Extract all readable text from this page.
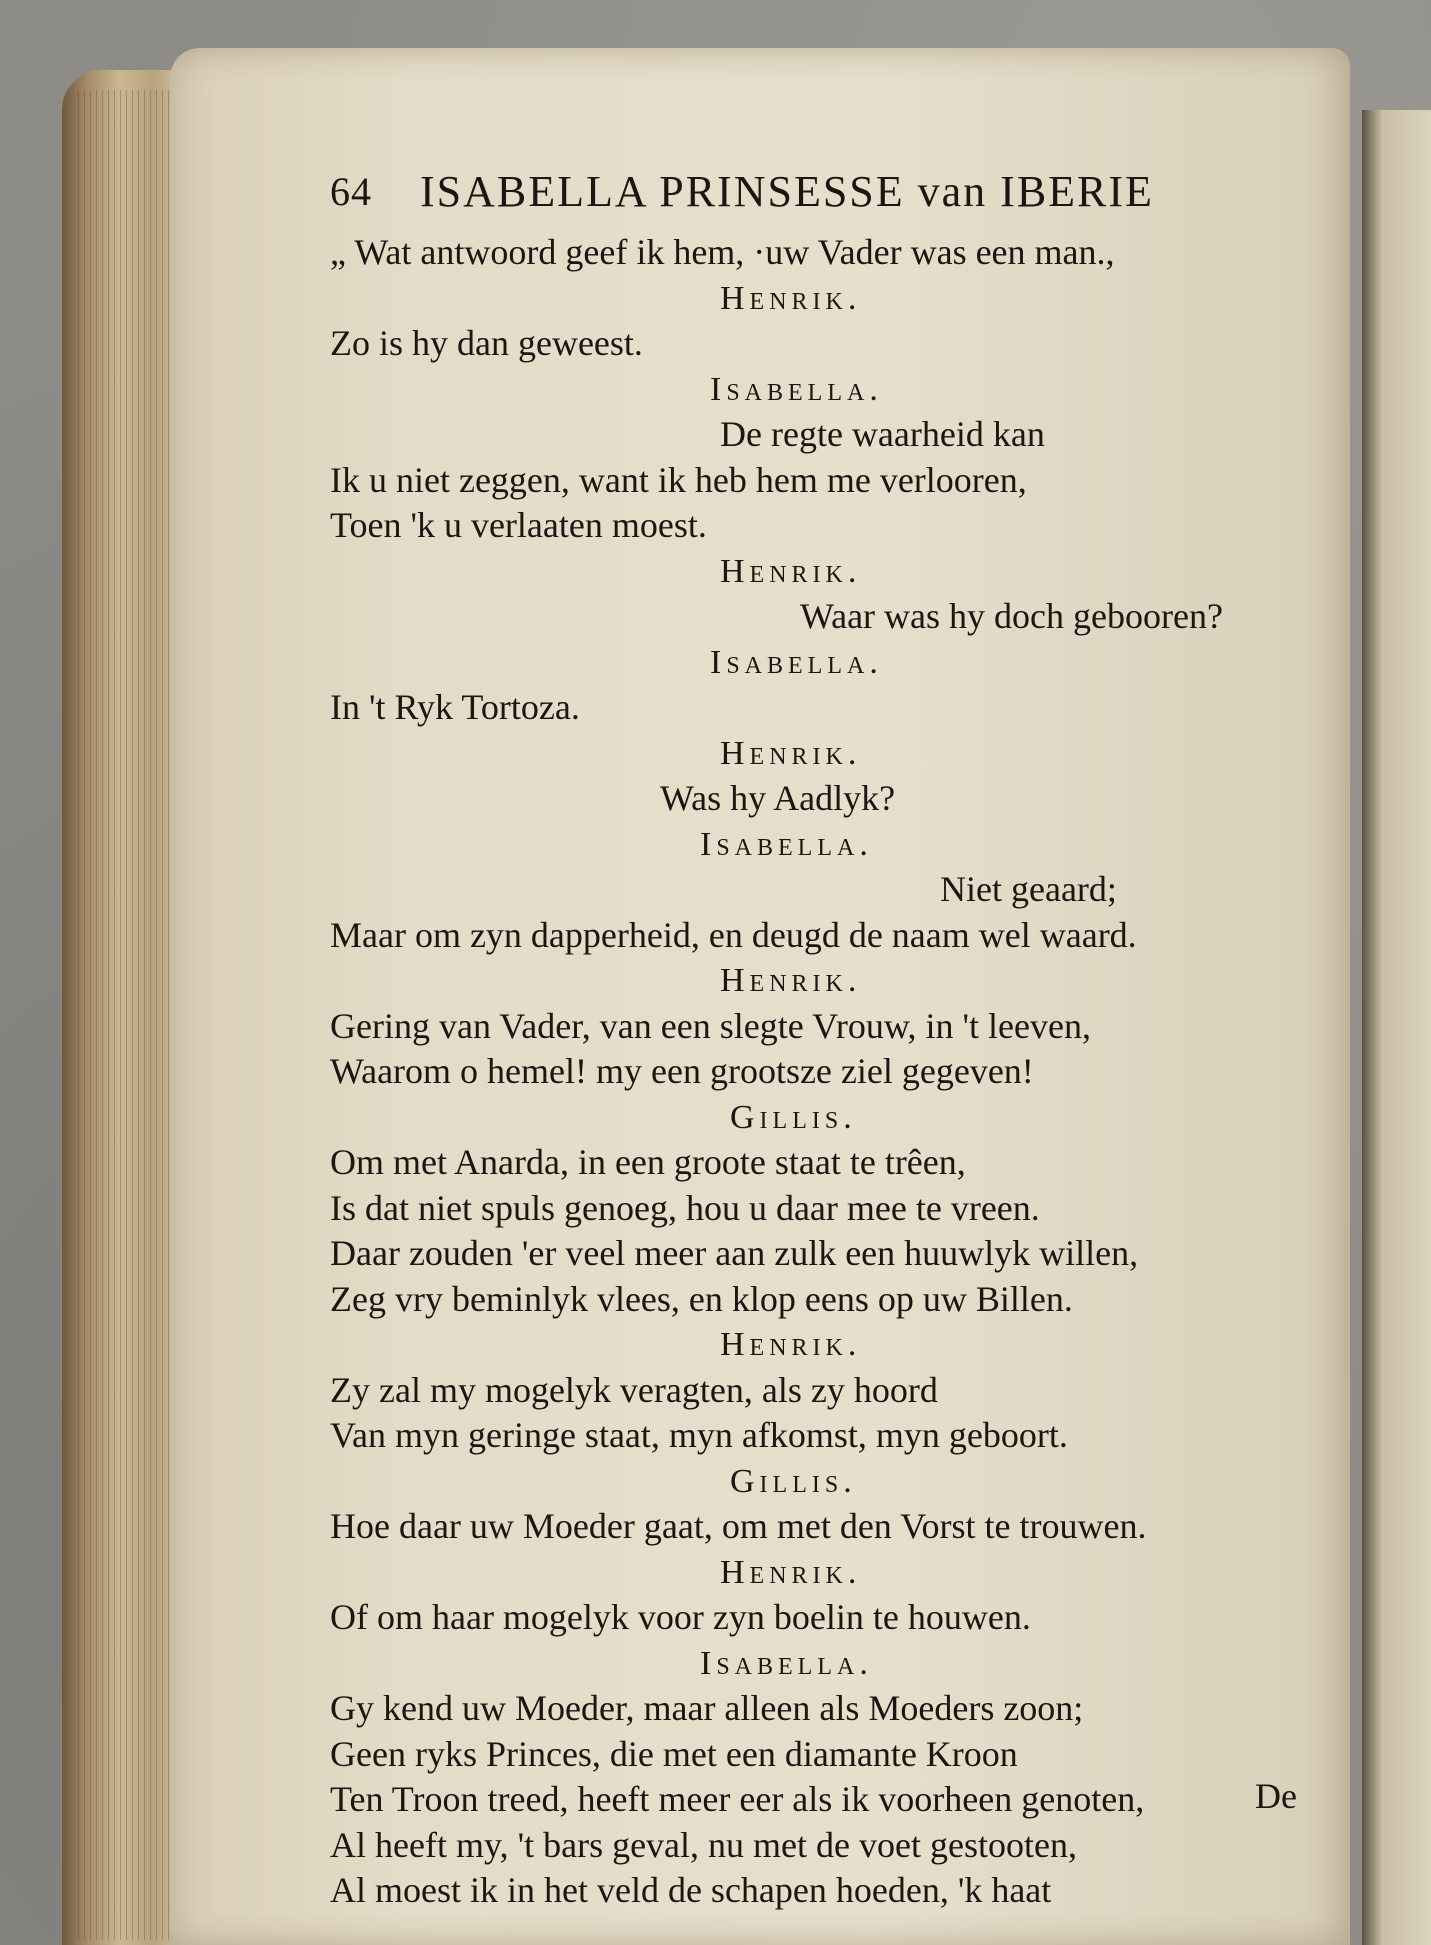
64 ISABELLA PRINSESSE van IBERIE
„ Wat antwoord geef ik hem, ·uw Vader was een man.,
Henrik.
Zo is hy dan geweest.
Isabella.
De regte waarheid kan
Ik u niet zeggen, want ik heb hem me verlooren,
Toen 'k u verlaaten moest.
Henrik.
Waar was hy doch gebooren?
Isabella.
In 't Ryk Tortoza.
Henrik.
Was hy Aadlyk?
Isabella.
Niet geaard;
Maar om zyn dapperheid, en deugd de naam wel waard.
Henrik.
Gering van Vader, van een slegte Vrouw, in 't leeven,
Waarom o hemel! my een grootsze ziel gegeven!
Gillis.
Om met Anarda, in een groote staat te trêen,
Is dat niet spuls genoeg, hou u daar mee te vreen.
Daar zouden 'er veel meer aan zulk een huuwlyk willen,
Zeg vry beminlyk vlees, en klop eens op uw Billen.
Henrik.
Zy zal my mogelyk veragten, als zy hoord
Van myn geringe staat, myn afkomst, myn geboort.
Gillis.
Hoe daar uw Moeder gaat, om met den Vorst te trouwen.
Henrik.
Of om haar mogelyk voor zyn boelin te houwen.
Isabella.
Gy kend uw Moeder, maar alleen als Moeders zoon;
Geen ryks Princes, die met een diamante Kroon
Ten Troon treed, heeft meer eer als ik voorheen genoten,
Al heeft my, 't bars geval, nu met de voet gestooten,
Al moest ik in het veld de schapen hoeden, 'k haat
De
